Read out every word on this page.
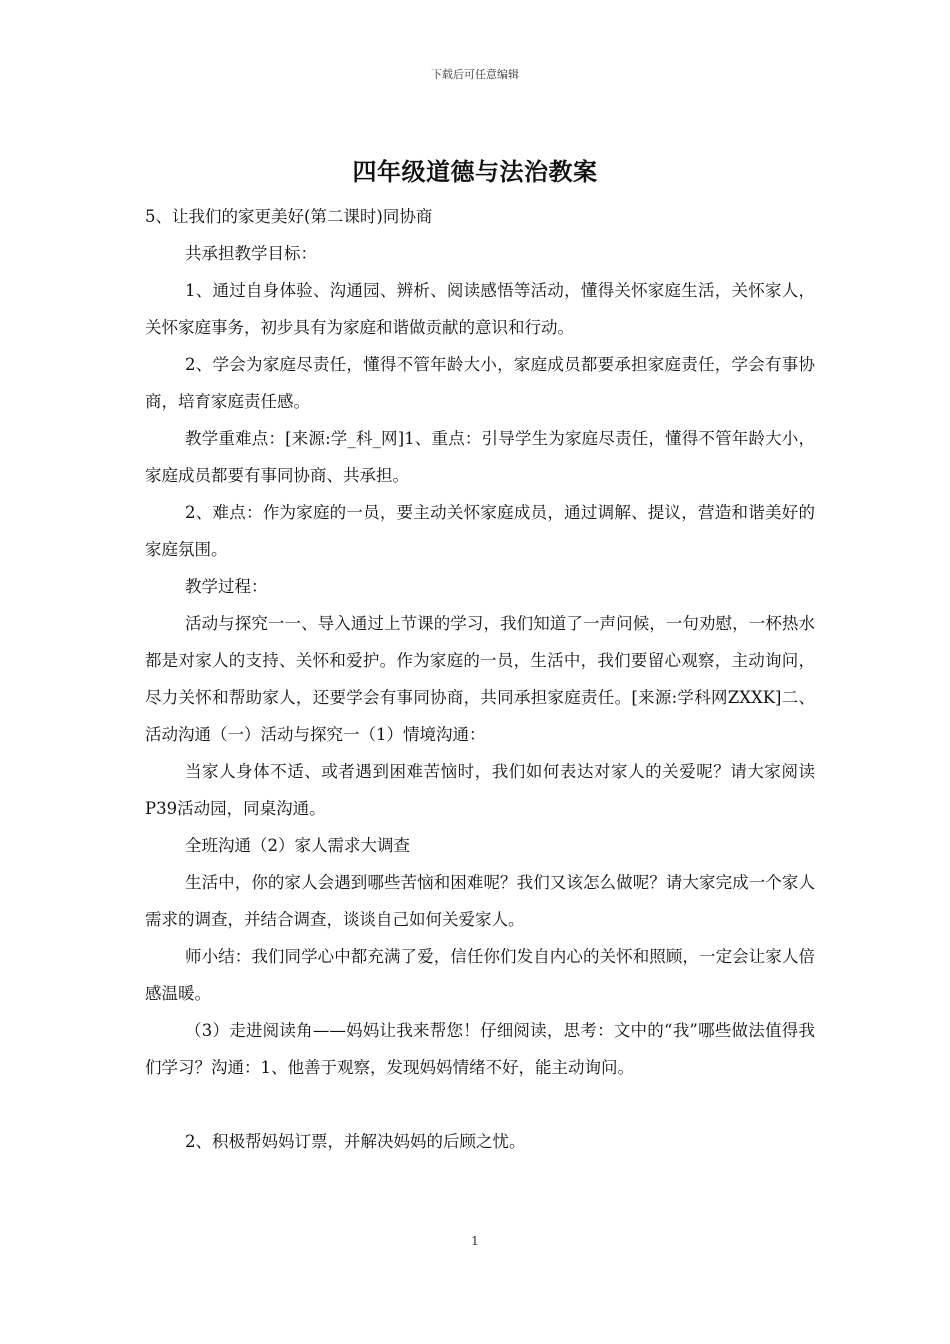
下载后可任意编辑
四年级道德与法治教案

5、让我们的家更美好(第二课时)同协商

共承担教学目标：

1、通过自身体验、沟通园、辨析、阅读感悟等活动，懂得关怀家庭生活，关怀家人，关怀家庭事务，初步具有为家庭和谐做贡献的意识和行动。

2、学会为家庭尽责任，懂得不管年龄大小，家庭成员都要承担家庭责任，学会有事协商，培育家庭责任感。

教学重难点：[来源:学_科_网]1、重点：引导学生为家庭尽责任，懂得不管年龄大小，家庭成员都要有事同协商、共承担。

2、难点：作为家庭的一员，要主动关怀家庭成员，通过调解、提议，营造和谐美好的家庭氛围。

教学过程：

活动与探究一一、导入通过上节课的学习，我们知道了一声问候，一句劝慰，一杯热水都是对家人的支持、关怀和爱护。作为家庭的一员，生活中，我们要留心观察，主动询问，尽力关怀和帮助家人，还要学会有事同协商，共同承担家庭责任。[来源:学科网ZXXK]二、活动沟通（一）活动与探究一（1）情境沟通：

当家人身体不适、或者遇到困难苦恼时，我们如何表达对家人的关爱呢？请大家阅读P39活动园，同桌沟通。

全班沟通（2）家人需求大调查

生活中，你的家人会遇到哪些苦恼和困难呢？我们又该怎么做呢？请大家完成一个家人需求的调查，并结合调查，谈谈自己如何关爱家人。

师小结：我们同学心中都充满了爱，信任你们发自内心的关怀和照顾，一定会让家人倍感温暖。

（3）走进阅读角——妈妈让我来帮您！仔细阅读，思考：文中的“我”哪些做法值得我们学习？沟通：1、他善于观察，发现妈妈情绪不好，能主动询问。

2、积极帮妈妈订票，并解决妈妈的后顾之忧。

1
